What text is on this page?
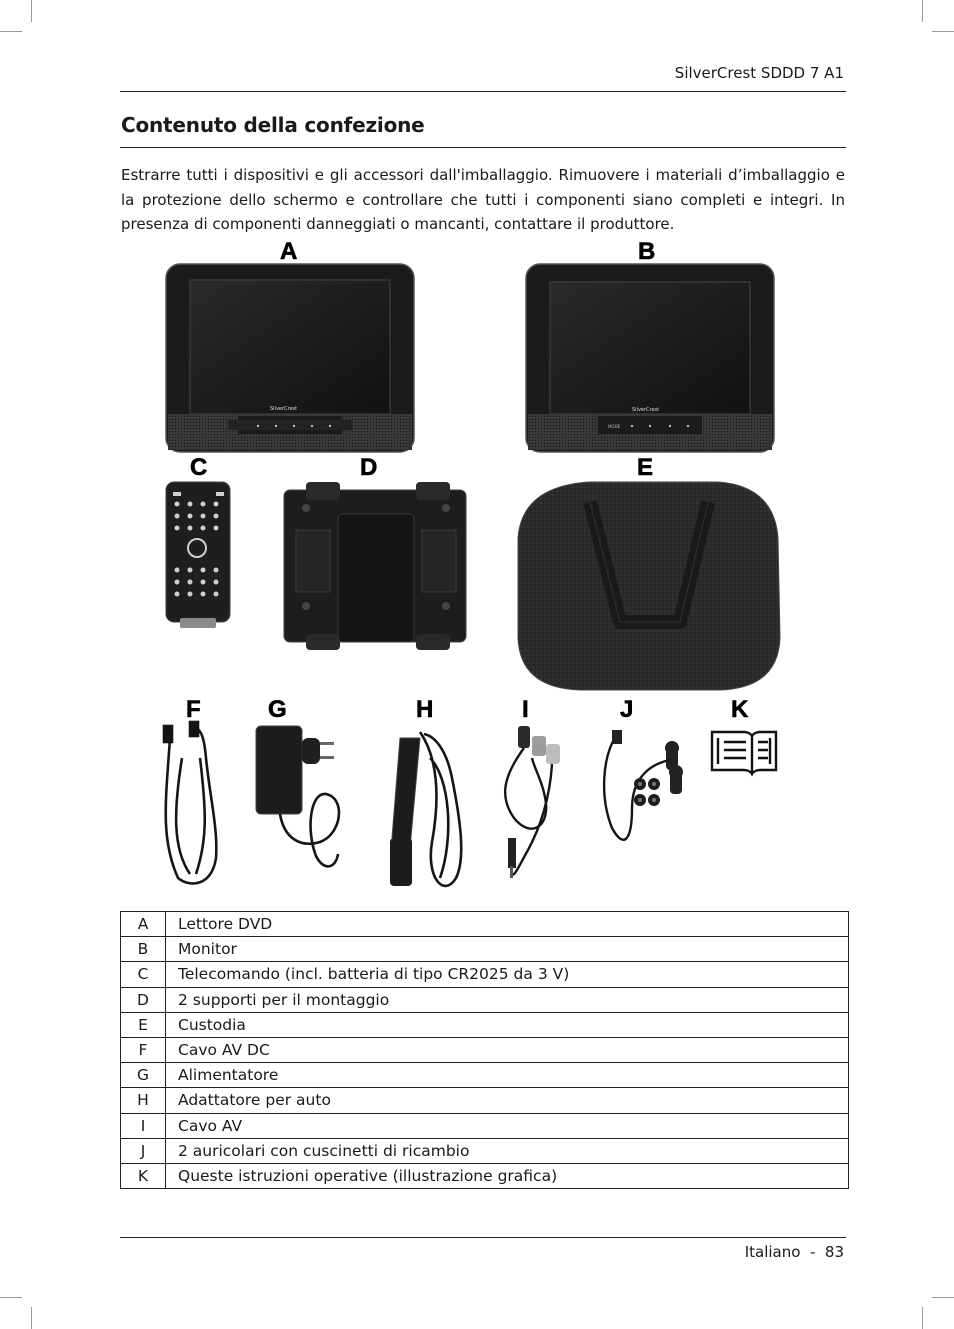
SilverCrest SDDD 7 A1
Contenuto della confezione

Estrarre tutti i dispositivi e gli accessori dall'imballaggio. Rimuovere i materiali d’imballaggio e la protezione dello schermo e controllare che tutti i componenti siano completi e integri. In presenza di componenti danneggiati o mancanti, contattare il produttore.

SilverCrest	SilverCrest
MODE
A	B
C	D	E
F	G	H	I	J	K
A	Lettore DVD
B	Monitor
C	Telecomando (incl. batteria di tipo CR2025 da 3 V)
D	2 supporti per il montaggio
E	Custodia
F	Cavo AV DC
G	Alimentatore
H	Adattatore per auto
I	Cavo AV
J	2 auricolari con cuscinetti di ricambio
K	Queste istruzioni operative (illustrazione grafica)
Italiano  -  83
